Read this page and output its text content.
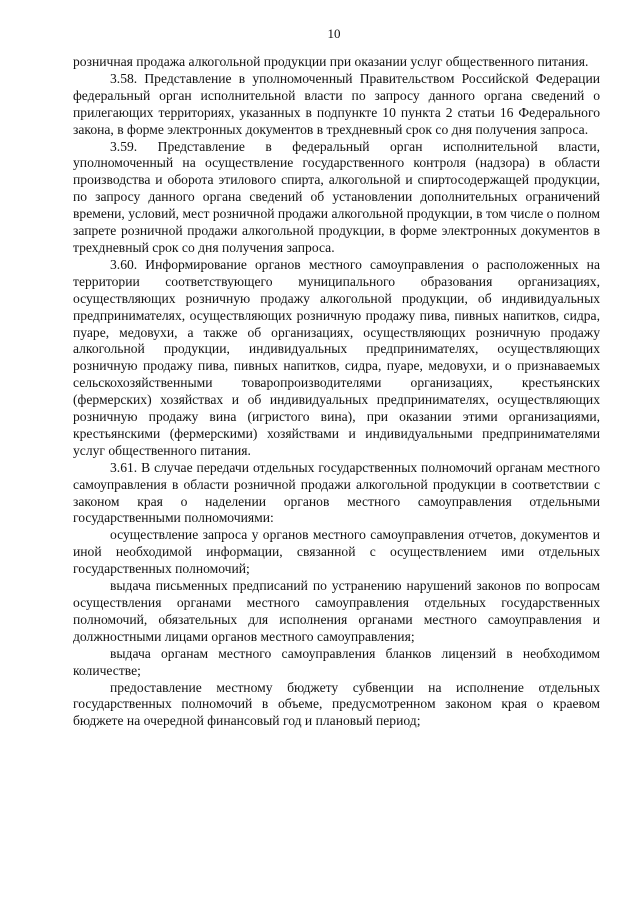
10

розничная продажа алкогольной продукции при оказании услуг общественного питания.

3.58. Представление в уполномоченный Правительством Российской Федерации федеральный орган исполнительной власти по запросу данного органа сведений о прилегающих территориях, указанных в подпункте 10 пункта 2 статьи 16 Федерального закона, в форме электронных документов в трехдневный срок со дня получения запроса.

3.59. Представление в федеральный орган исполнительной власти, уполномоченный на осуществление государственного контроля (надзора) в области производства и оборота этилового спирта, алкогольной и спиртосодержащей продукции, по запросу данного органа сведений об установлении дополнительных ограничений времени, условий, мест розничной продажи алкогольной продукции, в том числе о полном запрете розничной продажи алкогольной продукции, в форме электронных документов в трехдневный срок со дня получения запроса.

3.60. Информирование органов местного самоуправления о расположенных на территории соответствующего муниципального образования организациях, осуществляющих розничную продажу алкогольной продукции, об индивидуальных предпринимателях, осуществляющих розничную продажу пива, пивных напитков, сидра, пуаре, медовухи, а также об организациях, осуществляющих розничную продажу алкогольной продукции, индивидуальных предпринимателях, осуществляющих розничную продажу пива, пивных напитков, сидра, пуаре, медовухи, и о признаваемых сельскохозяйственными товаропроизводителями организациях, крестьянских (фермерских) хозяйствах и об индивидуальных предпринимателях, осуществляющих розничную продажу вина (игристого вина), при оказании этими организациями, крестьянскими (фермерскими) хозяйствами и индивидуальными предпринимателями услуг общественного питания.

3.61. В случае передачи отдельных государственных полномочий органам местного самоуправления в области розничной продажи алкогольной продукции в соответствии с законом края о наделении органов местного самоуправления отдельными государственными полномочиями:

осуществление запроса у органов местного самоуправления отчетов, документов и иной необходимой информации, связанной с осуществлением ими отдельных государственных полномочий;

выдача письменных предписаний по устранению нарушений законов по вопросам осуществления органами местного самоуправления отдельных государственных полномочий, обязательных для исполнения органами местного самоуправления и должностными лицами органов местного самоуправления;

выдача органам местного самоуправления бланков лицензий в необходимом количестве;

предоставление местному бюджету субвенции на исполнение отдельных государственных полномочий в объеме, предусмотренном законом края о краевом бюджете на очередной финансовый год и плановый период;
